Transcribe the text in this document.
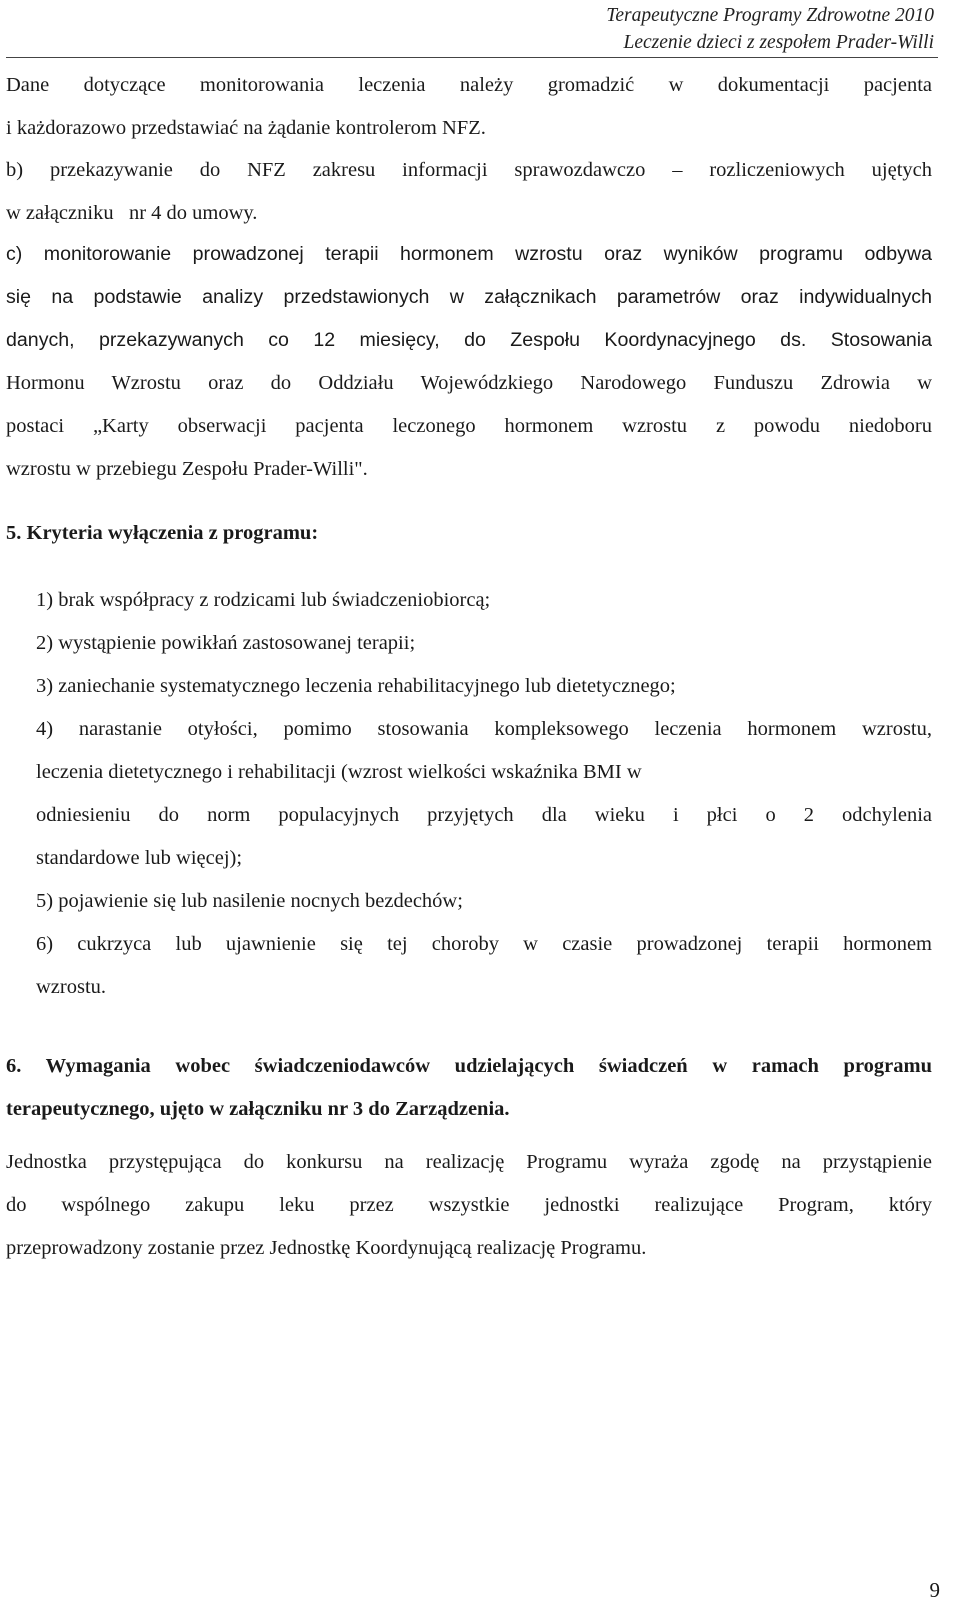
Terapeutyczne Programy Zdrowotne 2010
Leczenie dzieci z zespołem Prader-Willi
Dane dotyczące monitorowania leczenia należy gromadzić w dokumentacji pacjenta
i każdorazowo przedstawiać na żądanie kontrolerom NFZ.
b) przekazywanie do NFZ zakresu informacji sprawozdawczo – rozliczeniowych ujętych
w załączniku   nr 4 do umowy.
c) monitorowanie prowadzonej terapii hormonem wzrostu oraz wyników programu odbywa
się na podstawie analizy przedstawionych w załącznikach parametrów oraz indywidualnych
danych, przekazywanych co 12 miesięcy, do Zespołu Koordynacyjnego ds. Stosowania
Hormonu Wzrostu oraz do Oddziału Wojewódzkiego Narodowego Funduszu Zdrowia w
postaci „Karty obserwacji pacjenta leczonego hormonem wzrostu z powodu niedoboru
wzrostu w przebiegu Zespołu Prader-Willi".
5. Kryteria wyłączenia z programu:
1) brak współpracy z rodzicami lub świadczeniobiorcą;
2) wystąpienie powikłań zastosowanej terapii;
3) zaniechanie systematycznego leczenia rehabilitacyjnego lub dietetycznego;
4) narastanie otyłości, pomimo stosowania kompleksowego leczenia hormonem wzrostu,
leczenia dietetycznego i rehabilitacji (wzrost wielkości wskaźnika BMI w
odniesieniu do norm populacyjnych przyjętych dla wieku i płci o 2 odchylenia
standardowe lub więcej);
5) pojawienie się lub nasilenie nocnych bezdechów;
6) cukrzyca lub ujawnienie się tej choroby w czasie prowadzonej terapii hormonem
wzrostu.
6. Wymagania wobec świadczeniodawców udzielających świadczeń w ramach programu
terapeutycznego, ujęto w załączniku nr 3 do Zarządzenia.
Jednostka przystępująca do konkursu na realizację Programu wyraża zgodę na przystąpienie
do wspólnego zakupu leku przez wszystkie jednostki realizujące Program, który
przeprowadzony zostanie przez Jednostkę Koordynującą realizację Programu.
9
